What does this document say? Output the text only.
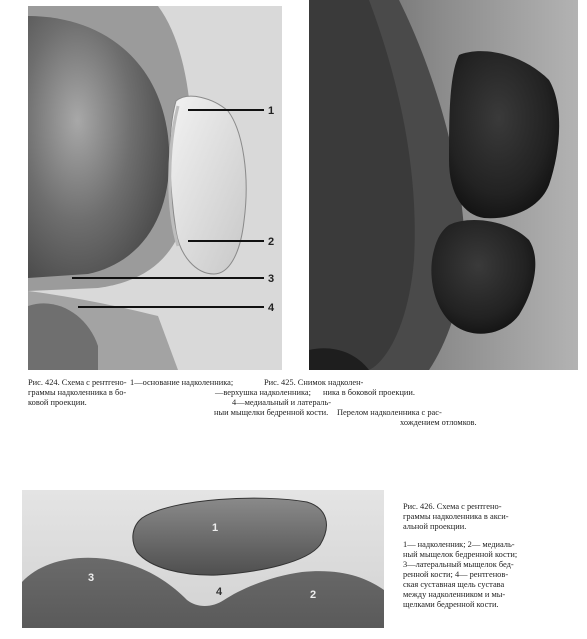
1
2
3
4
Рис. 424. Схема с рентгено-
граммы надколенника в бо-
ковой проекции.
1—основание надколенника;
—верхушка надколенника;
4—медиальный и латераль-
ныи мыщелки бедренной кости.
Рис. 425. Снимок надколен-
ника в боковой проекции.
Перелом надколенника с рас-
хождением отломков.
1
3
4	2
Рис. 426. Схема с рентгено-
граммы надколенника в акси-
альной проекции.
1— надколенник; 2— медиаль-
ный мыщелок бедренной кости;
3—латеральный мыщелок бед-
ренной кости; 4— рентгенов-
ская суставная щель сустава
между надколенником и мы-
щелками бедренной кости.
